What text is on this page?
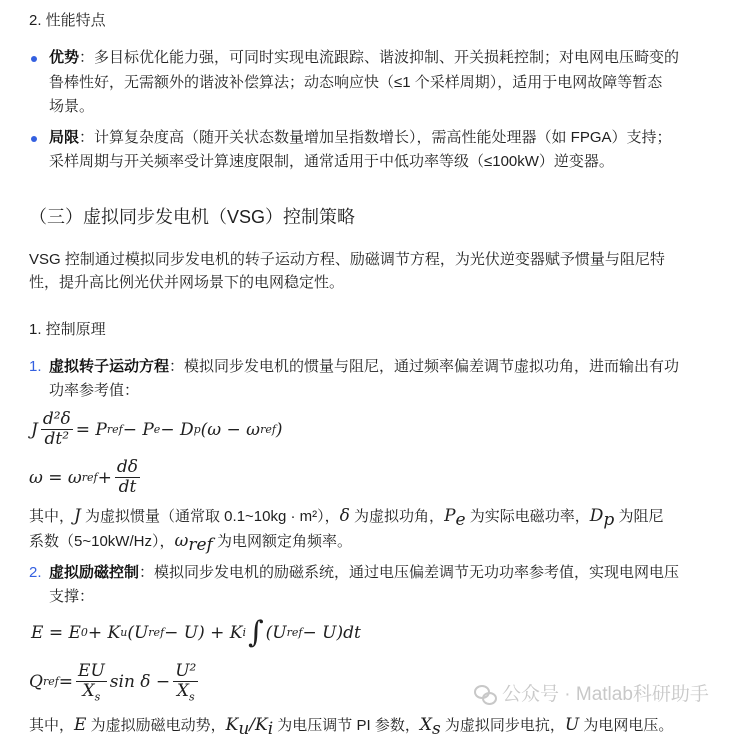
2. 性能特点
优势：多目标优化能力强，可同时实现电流跟踪、谐波抑制、开关损耗控制；对电网电压畸变的
鲁棒性好，无需额外的谐波补偿算法；动态响应快（≤1 个采样周期），适用于电网故障等暂态
场景。
局限：计算复杂度高（随开关状态数量增加呈指数增长），需高性能处理器（如 FPGA）支持；
采样周期与开关频率受计算速度限制，通常适用于中低功率等级（≤100kW）逆变器。
（三）虚拟同步发电机（VSG）控制策略
VSG 控制通过模拟同步发电机的转子运动方程、励磁调节方程，为光伏逆变器赋予惯量与阻尼特
性，提升高比例光伏并网场景下的电网稳定性。
1. 控制原理
1. 虚拟转子运动方程：模拟同步发电机的惯量与阻尼，通过频率偏差调节虚拟功角，进而输出有功
功率参考值：
J $\frac{\text{d²δ}}{\text{dt²}} = P$ ref − P e − D p (ω − ω ref )
ω = ω ref + $\frac{d\delta}{dt}$
其中，J 为虚拟惯量（通常取 0.1~10kg · m²），δ 为虚拟功角，$P_e$ 为实际电磁功率，$D_p$ 为阻尼
系数（5~10kW/Hz），$\omega_{ref}$ 为电网额定角频率。
2. 虚拟励磁控制：模拟同步发电机的励磁系统，通过电压偏差调节无功功率参考值，实现电网电压
支撑：
E = E 0 + K u (U ref − U) + K i ∫ (U ref − U)dt
Q ref = $\frac{EU}{X_s}$ $\sin \delta - \frac{\text{U²}}{X_s}$	公众号 · Matlab科研助手
其中，E 为虚拟励磁电动势，$K_u/K_i$ 为电压调节 PI 参数，$X_s$ 为虚拟同步电抗，U 为电网电压。
